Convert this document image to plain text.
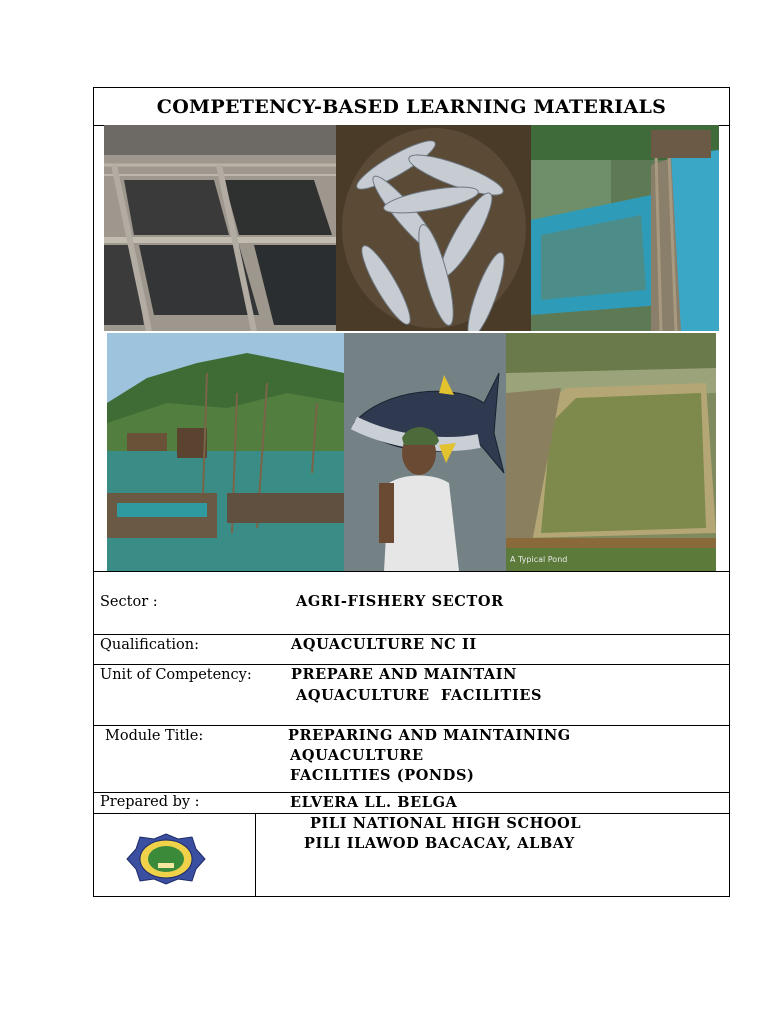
COMPETENCY-BASED LEARNING MATERIALS
A Typical Pond
Sector :	AGRI-FISHERY SECTOR
Qualification:	AQUACULTURE NC II
Unit of Competency:	PREPARE AND MAINTAIN
AQUACULTURE  FACILITIES
Module Title:	PREPARING AND MAINTAINING
AQUACULTURE
FACILITIES (PONDS)
Prepared by :	ELVERA LL. BELGA
PILI NATIONAL HIGH SCHOOL
PILI ILAWOD BACACAY, ALBAY
